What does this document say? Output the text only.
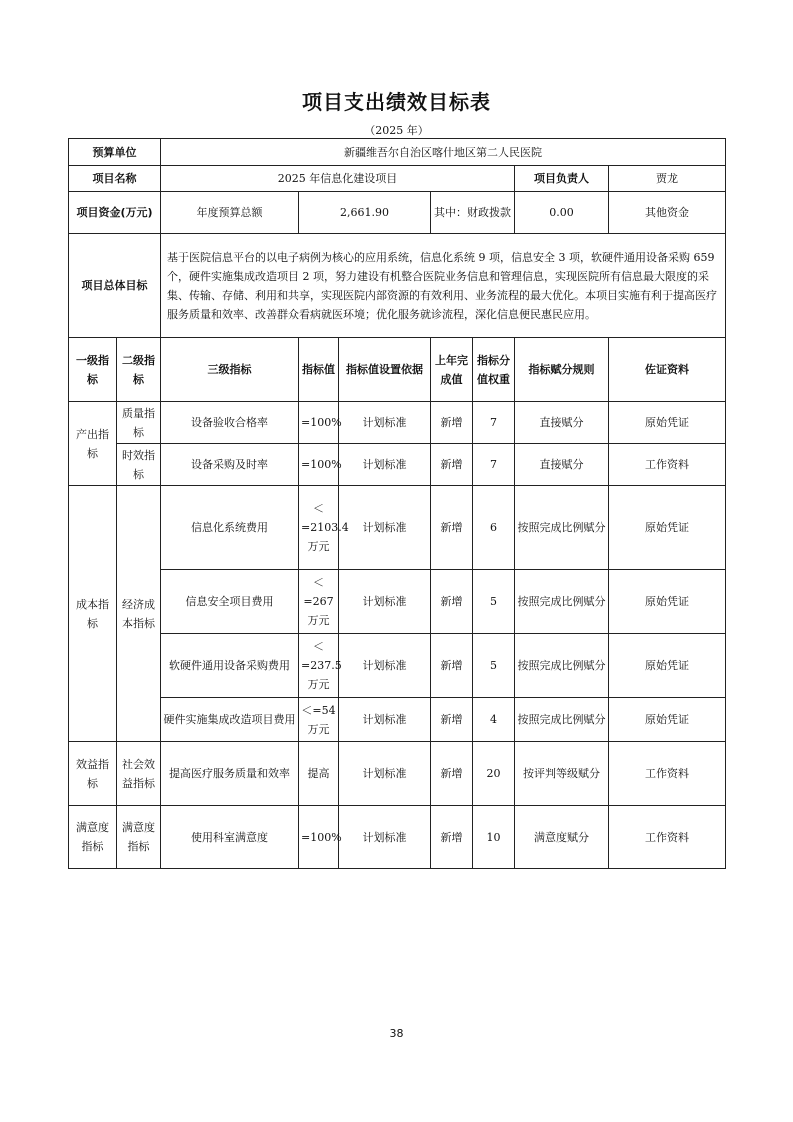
项目支出绩效目标表
（2025 年）
预算单位		新疆维吾尔自治区喀什地区第二人民医院							
项目名称		2025 年信息化建设项目					项目负责人	贾龙	
项目资金(万元)		年度预算总额	2,661.90		其中：财政拨款		0.00	其他资金	
项目总体目标		基于医院信息平台的以电子病例为核心的应用系统，信息化系统 9 项，信息安全 3 项，软硬件通用设备采购 659 个，硬件实施集成改造项目 2 项，努力建设有机整合医院业务信息和管理信息，实现医院所有信息最大限度的采集、传输、存储、利用和共享，实现医院内部资源的有效利用、业务流程的最大优化。本项目实施有利于提高医疗服务质量和效率、改善群众看病就医环境；优化服务就诊流程，深化信息便民惠民应用。							
一级指标	二级指标	三级指标	指标值	指标值设置依据	上年完成值	指标分值权重	指标赋分规则	佐证资料	
产出指标	质量指标	设备验收合格率	=100%	计划标准	新增	7	直接赋分	原始凭证	
	时效指标	设备采购及时率	=100%	计划标准	新增	7	直接赋分	工作资料	
成本指标	经济成本指标	信息化系统费用	＜=2103.4 万元	计划标准	新增	6	按照完成比例赋分	原始凭证	
		信息安全项目费用	＜=267 万元	计划标准	新增	5	按照完成比例赋分	原始凭证	
		软硬件通用设备采购费用	＜=237.5 万元	计划标准	新增	5	按照完成比例赋分	原始凭证	
		硬件实施集成改造项目费用	＜=54 万元	计划标准	新增	4	按照完成比例赋分	原始凭证	
效益指标	社会效益指标	提高医疗服务质量和效率	提高	计划标准	新增	20	按评判等级赋分	工作资料	
满意度指标	满意度指标	使用科室满意度	=100%	计划标准	新增	10	满意度赋分	工作资料	
38
